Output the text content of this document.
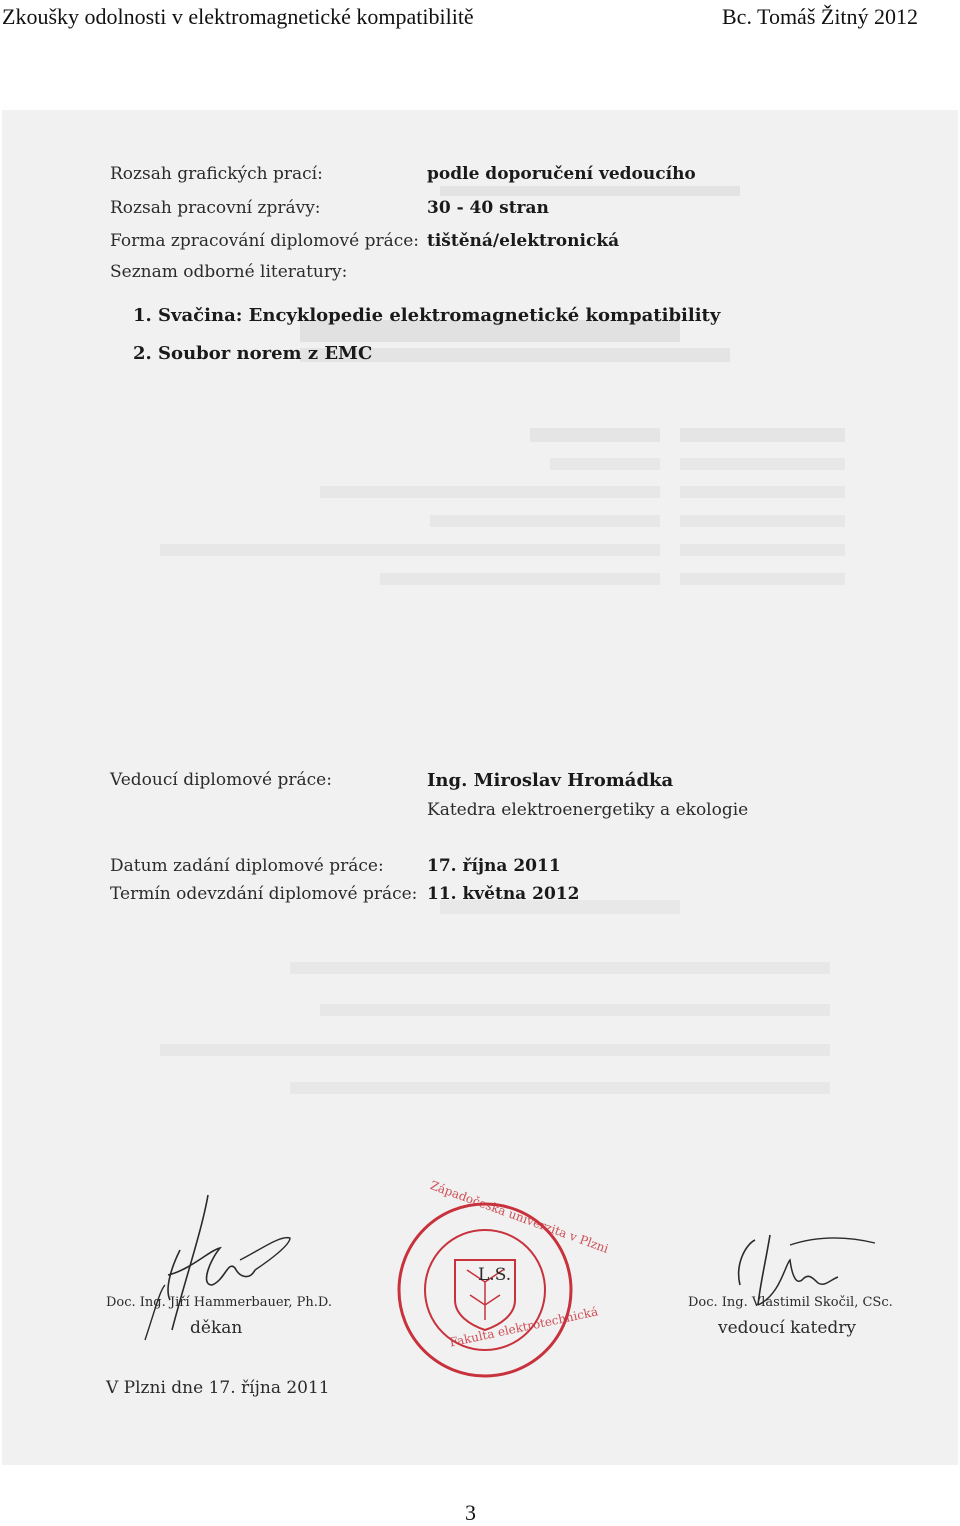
Zkoušky odolnosti v elektromagnetické kompatibilitě	Bc. Tomáš Žitný 2012
Rozsah grafických prací:	podle doporučení vedoucího
Rozsah pracovní zprávy:	30 - 40 stran
Forma zpracování diplomové práce: tištěná/elektronická
Seznam odborné literatury:
1. Svačina: Encyklopedie elektromagnetické kompatibility
2. Soubor norem z EMC
Vedoucí diplomové práce:	Ing. Miroslav Hromádka
Katedra elektroenergetiky a ekologie
Datum zadání diplomové práce:	17. října 2011
Termín odevzdání diplomové práce: 11. května 2012
Doc. Ing. Jiří Hammerbauer, Ph.D.
děkan	Fakulta elektrotechnická
Západočeská univerzita v Plzni
L.S.
Doc. Ing. Vlastimil Skočil, CSc.
vedoucí katedry
V Plzni dne 17. října 2011
3
